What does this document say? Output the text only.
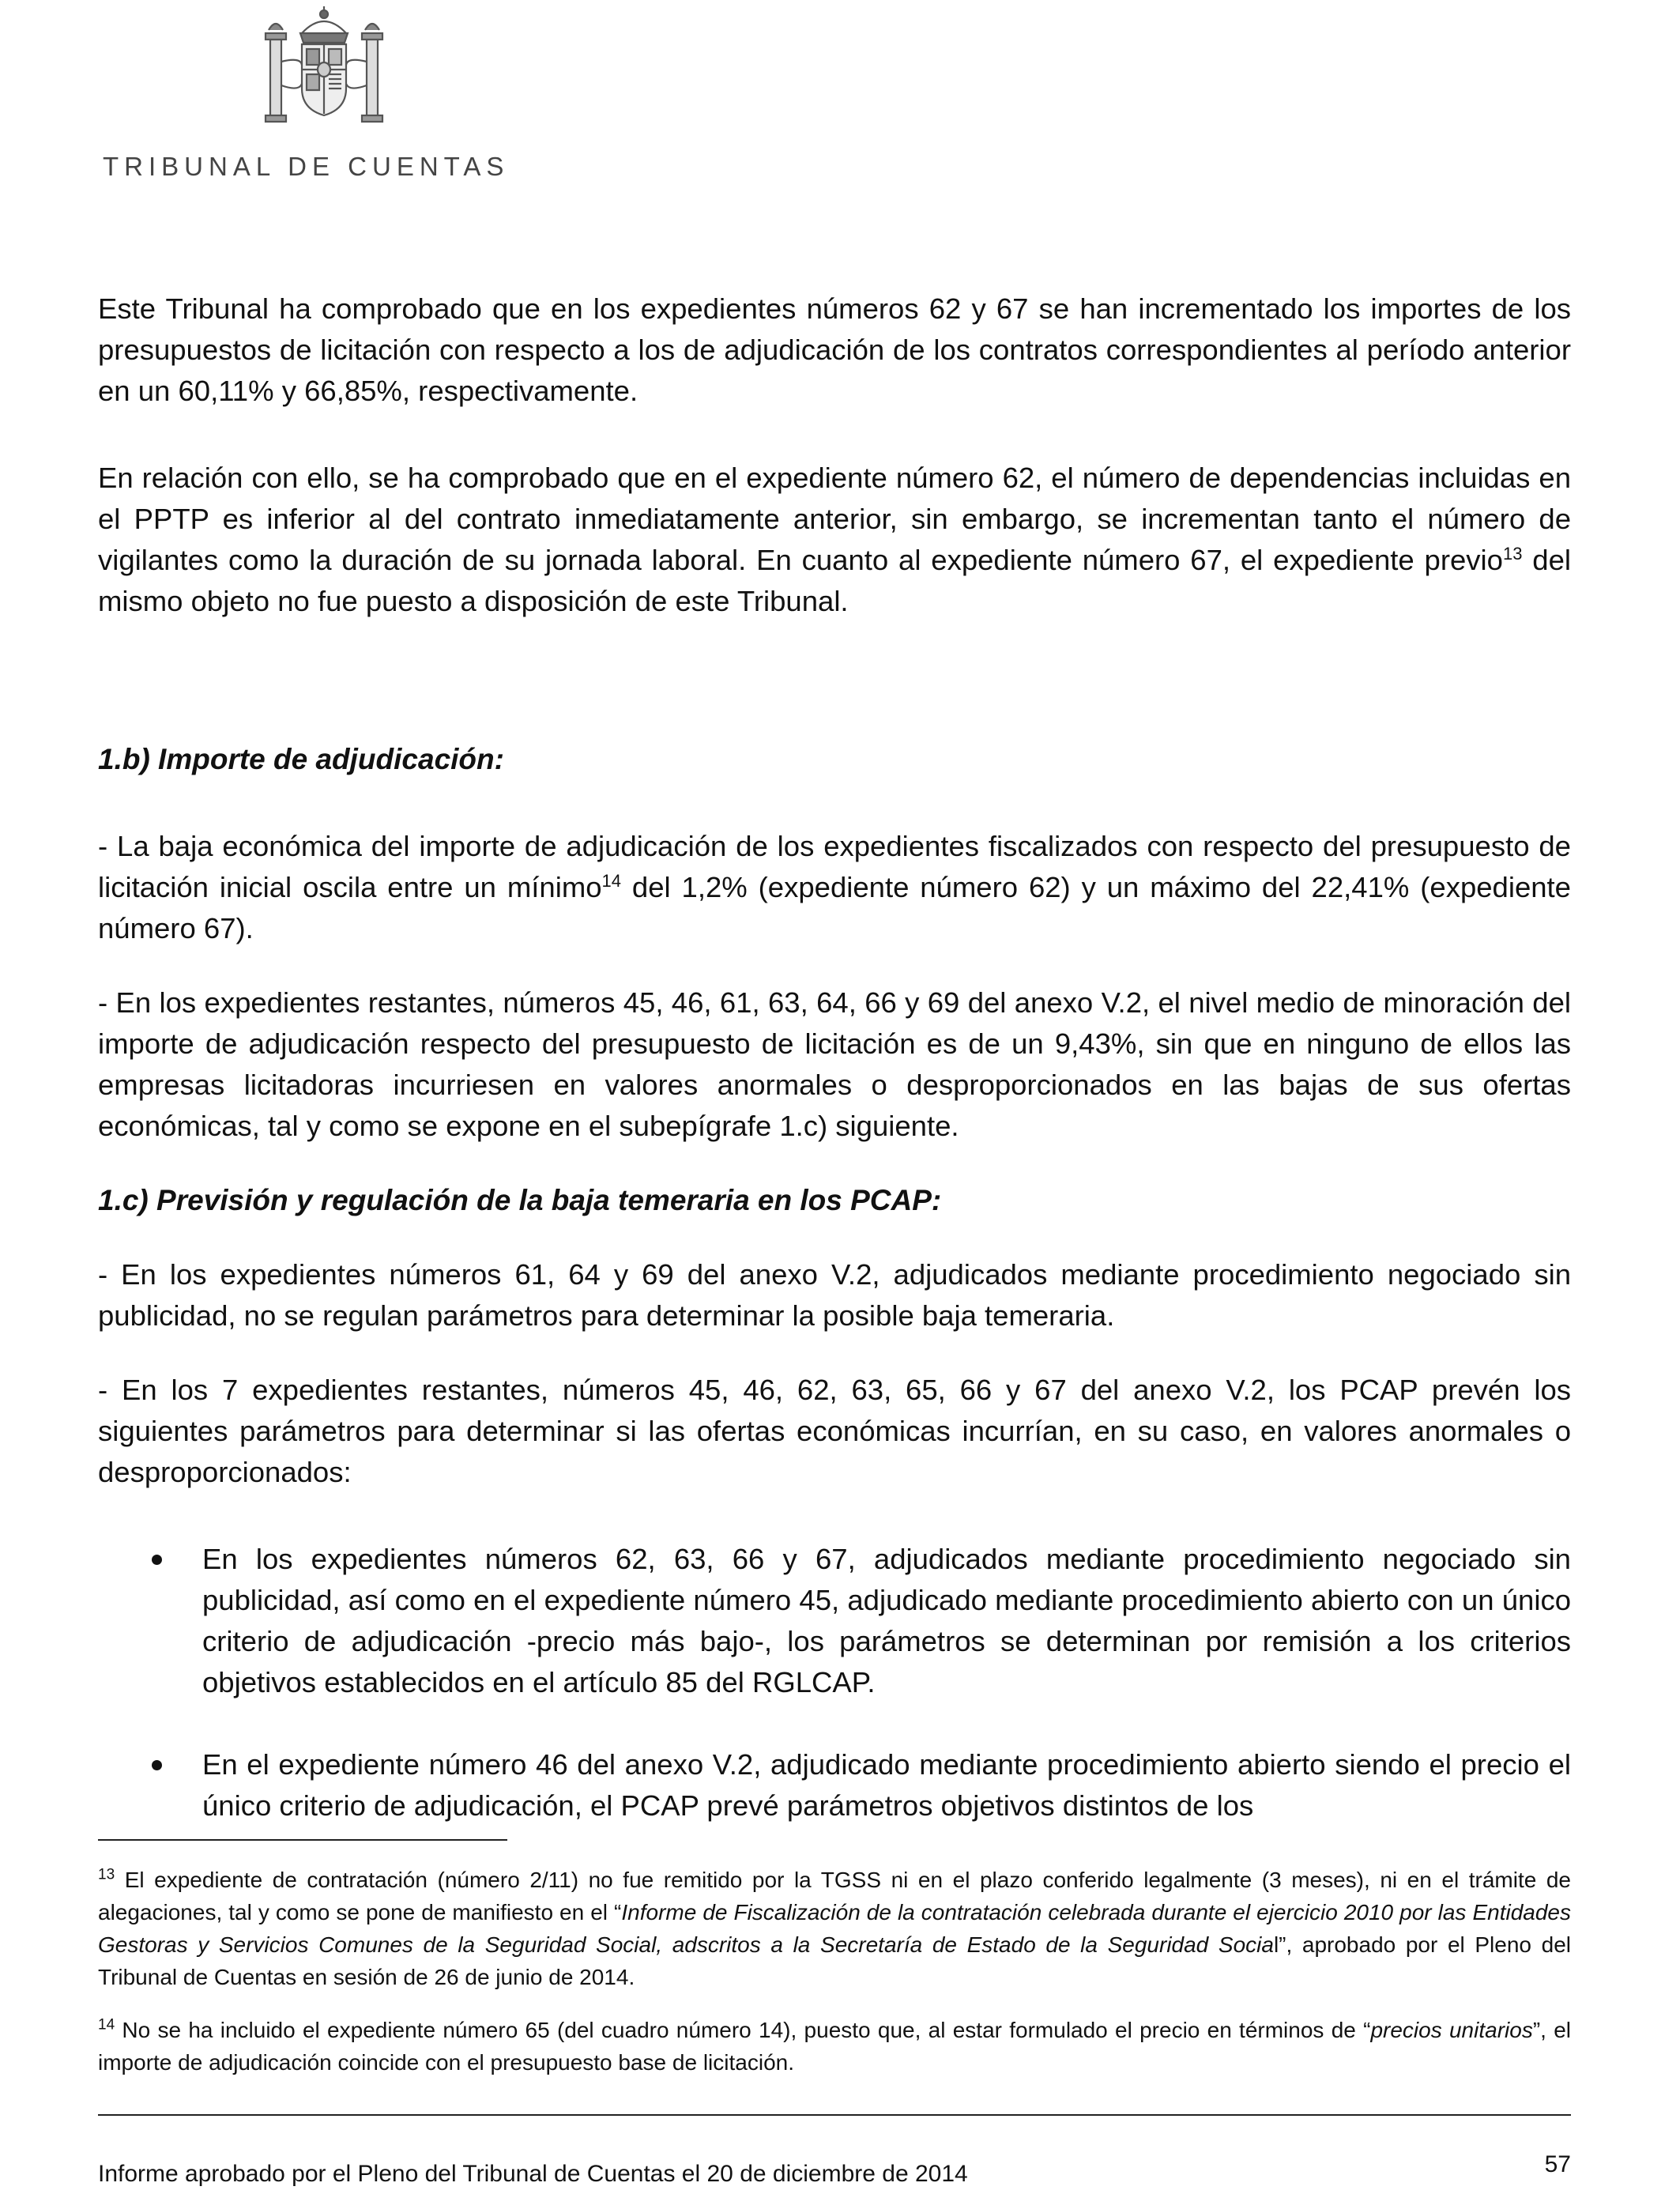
TRIBUNAL DE CUENTAS

Este Tribunal ha comprobado que en los expedientes números 62 y 67 se han incrementado los importes de los presupuestos de licitación con respecto a los de adjudicación de los contratos correspondientes al período anterior en un 60,11% y 66,85%, respectivamente.

En relación con ello, se ha comprobado que en el expediente número 62, el número de dependencias incluidas en el PPTP es inferior al del contrato inmediatamente anterior, sin embargo, se incrementan tanto el número de vigilantes como la duración de su jornada laboral. En cuanto al expediente número 67, el expediente previo$^{13}$ del mismo objeto no fue puesto a disposición de este Tribunal.

1.b) Importe de adjudicación:

- La baja económica del importe de adjudicación de los expedientes fiscalizados con respecto del presupuesto de licitación inicial oscila entre un mínimo$^{14}$ del 1,2% (expediente número 62) y un máximo del 22,41% (expediente número 67).

- En los expedientes restantes, números 45, 46, 61, 63, 64, 66 y 69 del anexo V.2, el nivel medio de minoración del importe de adjudicación respecto del presupuesto de licitación es de un 9,43%, sin que en ninguno de ellos las empresas licitadoras incurriesen en valores anormales o desproporcionados en las bajas de sus ofertas económicas, tal y como se expone en el subepígrafe 1.c) siguiente.

1.c) Previsión y regulación de la baja temeraria en los PCAP:

- En los expedientes números 61, 64 y 69 del anexo V.2, adjudicados mediante procedimiento negociado sin publicidad, no se regulan parámetros para determinar la posible baja temeraria.

- En los 7 expedientes restantes, números 45, 46, 62, 63, 65, 66 y 67 del anexo V.2, los PCAP prevén los siguientes parámetros para determinar si las ofertas económicas incurrían, en su caso, en valores anormales o desproporcionados:

En los expedientes números 62, 63, 66 y 67, adjudicados mediante procedimiento negociado sin publicidad, así como en el expediente número 45, adjudicado mediante procedimiento abierto con un único criterio de adjudicación -precio más bajo-, los parámetros se determinan por remisión a los criterios objetivos establecidos en el artículo 85 del RGLCAP.

En el expediente número 46 del anexo V.2, adjudicado mediante procedimiento abierto siendo el precio el único criterio de adjudicación, el PCAP prevé parámetros objetivos distintos de los

$^{13}$ El expediente de contratación (número 2/11) no fue remitido por la TGSS ni en el plazo conferido legalmente (3 meses), ni en el trámite de alegaciones, tal y como se pone de manifiesto en el “Informe de Fiscalización de la contratación celebrada durante el ejercicio 2010 por las Entidades Gestoras y Servicios Comunes de la Seguridad Social, adscritos a la Secretaría de Estado de la Seguridad Social”, aprobado por el Pleno del Tribunal de Cuentas en sesión de 26 de junio de 2014.

$^{14}$ No se ha incluido el expediente número 65 (del cuadro número 14), puesto que, al estar formulado el precio en términos de “precios unitarios”, el importe de adjudicación coincide con el presupuesto base de licitación.

57
Informe aprobado por el Pleno del Tribunal de Cuentas el 20 de diciembre de 2014
